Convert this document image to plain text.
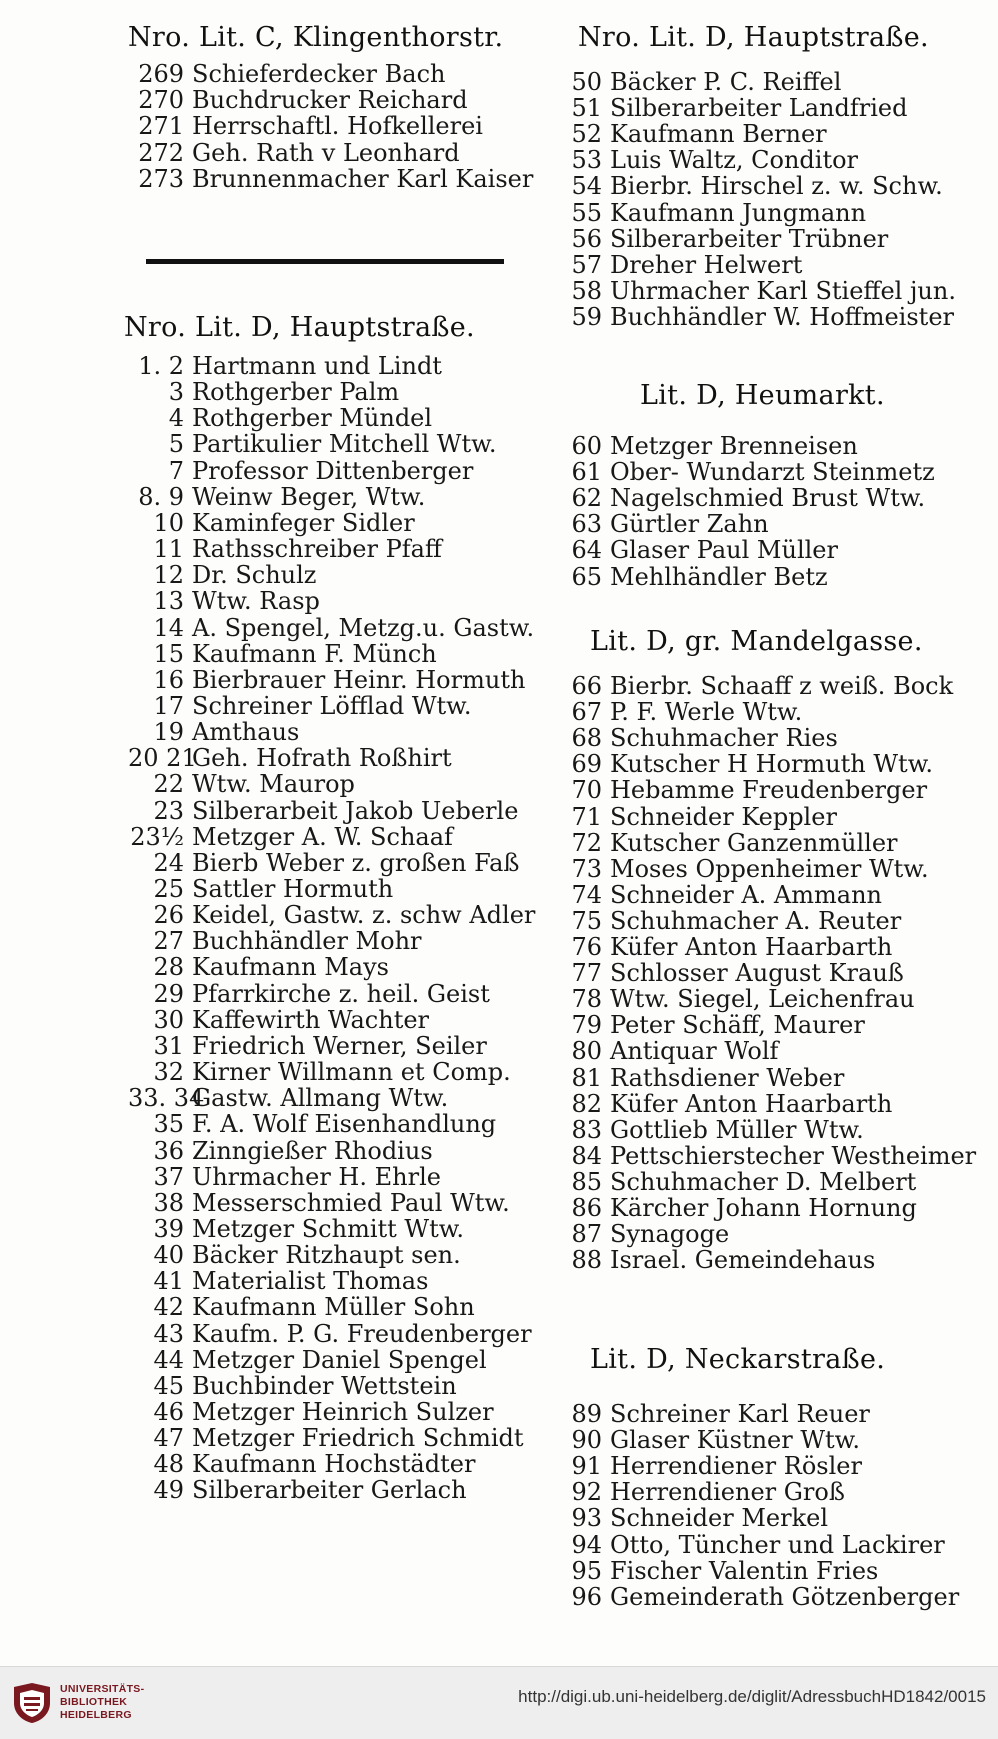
Nro. Lit. C, Klingenthorstr.
269 Schieferdecker Bach
270 Buchdrucker Reichard
271 Herrschaftl. Hofkellerei
272 Geh. Rath v Leonhard
273 Brunnenmacher Karl Kaiser
Nro. Lit. D, Hauptstraße.
1. 2 Hartmann und Lindt
3 Rothgerber Palm
4 Rothgerber Mündel
5 Partikulier Mitchell Wtw.
7 Professor Dittenberger
8. 9 Weinw Beger, Wtw.
10 Kaminfeger Sidler
11 Rathsschreiber Pfaff
12 Dr. Schulz
13 Wtw. Rasp
14 A. Spengel, Metzg.u. Gastw.
15 Kaufmann F. Münch
16 Bierbrauer Heinr. Hormuth
17 Schreiner Löfflad Wtw.
19 Amthaus
20 21
Geh. Hofrath Roßhirt
22 Wtw. Maurop
23 Silberarbeit Jakob Ueberle
23½ Metzger A. W. Schaaf
24 Bierb Weber z. großen Faß
25 Sattler Hormuth
26 Keidel, Gastw. z. schw Adler
27 Buchhändler Mohr
28 Kaufmann Mays
29 Pfarrkirche z. heil. Geist
30 Kaffewirth Wachter
31 Friedrich Werner, Seiler
32 Kirner Willmann et Comp.
33. 34
Gastw. Allmang Wtw.
35 F. A. Wolf Eisenhandlung
36 Zinngießer Rhodius
37 Uhrmacher H. Ehrle
38 Messerschmied Paul Wtw.
39 Metzger Schmitt Wtw.
40 Bäcker Ritzhaupt sen.
41 Materialist Thomas
42 Kaufmann Müller Sohn
43 Kaufm. P. G. Freudenberger
44 Metzger Daniel Spengel
45 Buchbinder Wettstein
46 Metzger Heinrich Sulzer
47 Metzger Friedrich Schmidt
48 Kaufmann Hochstädter
49 Silberarbeiter Gerlach
Nro. Lit. D, Hauptstraße.
50 Bäcker P. C. Reiffel
51 Silberarbeiter Landfried
52 Kaufmann Berner
53 Luis Waltz, Conditor
54 Bierbr. Hirschel z. w. Schw.
55 Kaufmann Jungmann
56 Silberarbeiter Trübner
57 Dreher Helwert
58 Uhrmacher Karl Stieffel jun.
59 Buchhändler W. Hoffmeister
Lit. D, Heumarkt.
60 Metzger Brenneisen
61 Ober- Wundarzt Steinmetz
62 Nagelschmied Brust Wtw.
63 Gürtler Zahn
64 Glaser Paul Müller
65 Mehlhändler Betz
Lit. D, gr. Mandelgasse.
66 Bierbr. Schaaff z weiß. Bock
67 P. F. Werle Wtw.
68 Schuhmacher Ries
69 Kutscher H Hormuth Wtw.
70 Hebamme Freudenberger
71 Schneider Keppler
72 Kutscher Ganzenmüller
73 Moses Oppenheimer Wtw.
74 Schneider A. Ammann
75 Schuhmacher A. Reuter
76 Küfer Anton Haarbarth
77 Schlosser August Krauß
78 Wtw. Siegel, Leichenfrau
79 Peter Schäff, Maurer
80 Antiquar Wolf
81 Rathsdiener Weber
82 Küfer Anton Haarbarth
83 Gottlieb Müller Wtw.
84 Pettschierstecher Westheimer
85 Schuhmacher D. Melbert
86 Kärcher Johann Hornung
87 Synagoge
88 Israel. Gemeindehaus
Lit. D, Neckarstraße.
89 Schreiner Karl Reuer
90 Glaser Küstner Wtw.
91 Herrendiener Rösler
92 Herrendiener Groß
93 Schneider Merkel
94 Otto, Tüncher und Lackirer
95 Fischer Valentin Fries
96 Gemeinderath Götzenberger
UNIVERSITÄTS-
BIBLIOTHEK
HEIDELBERG
http://digi.ub.uni-heidelberg.de/diglit/AdressbuchHD1842/0015
